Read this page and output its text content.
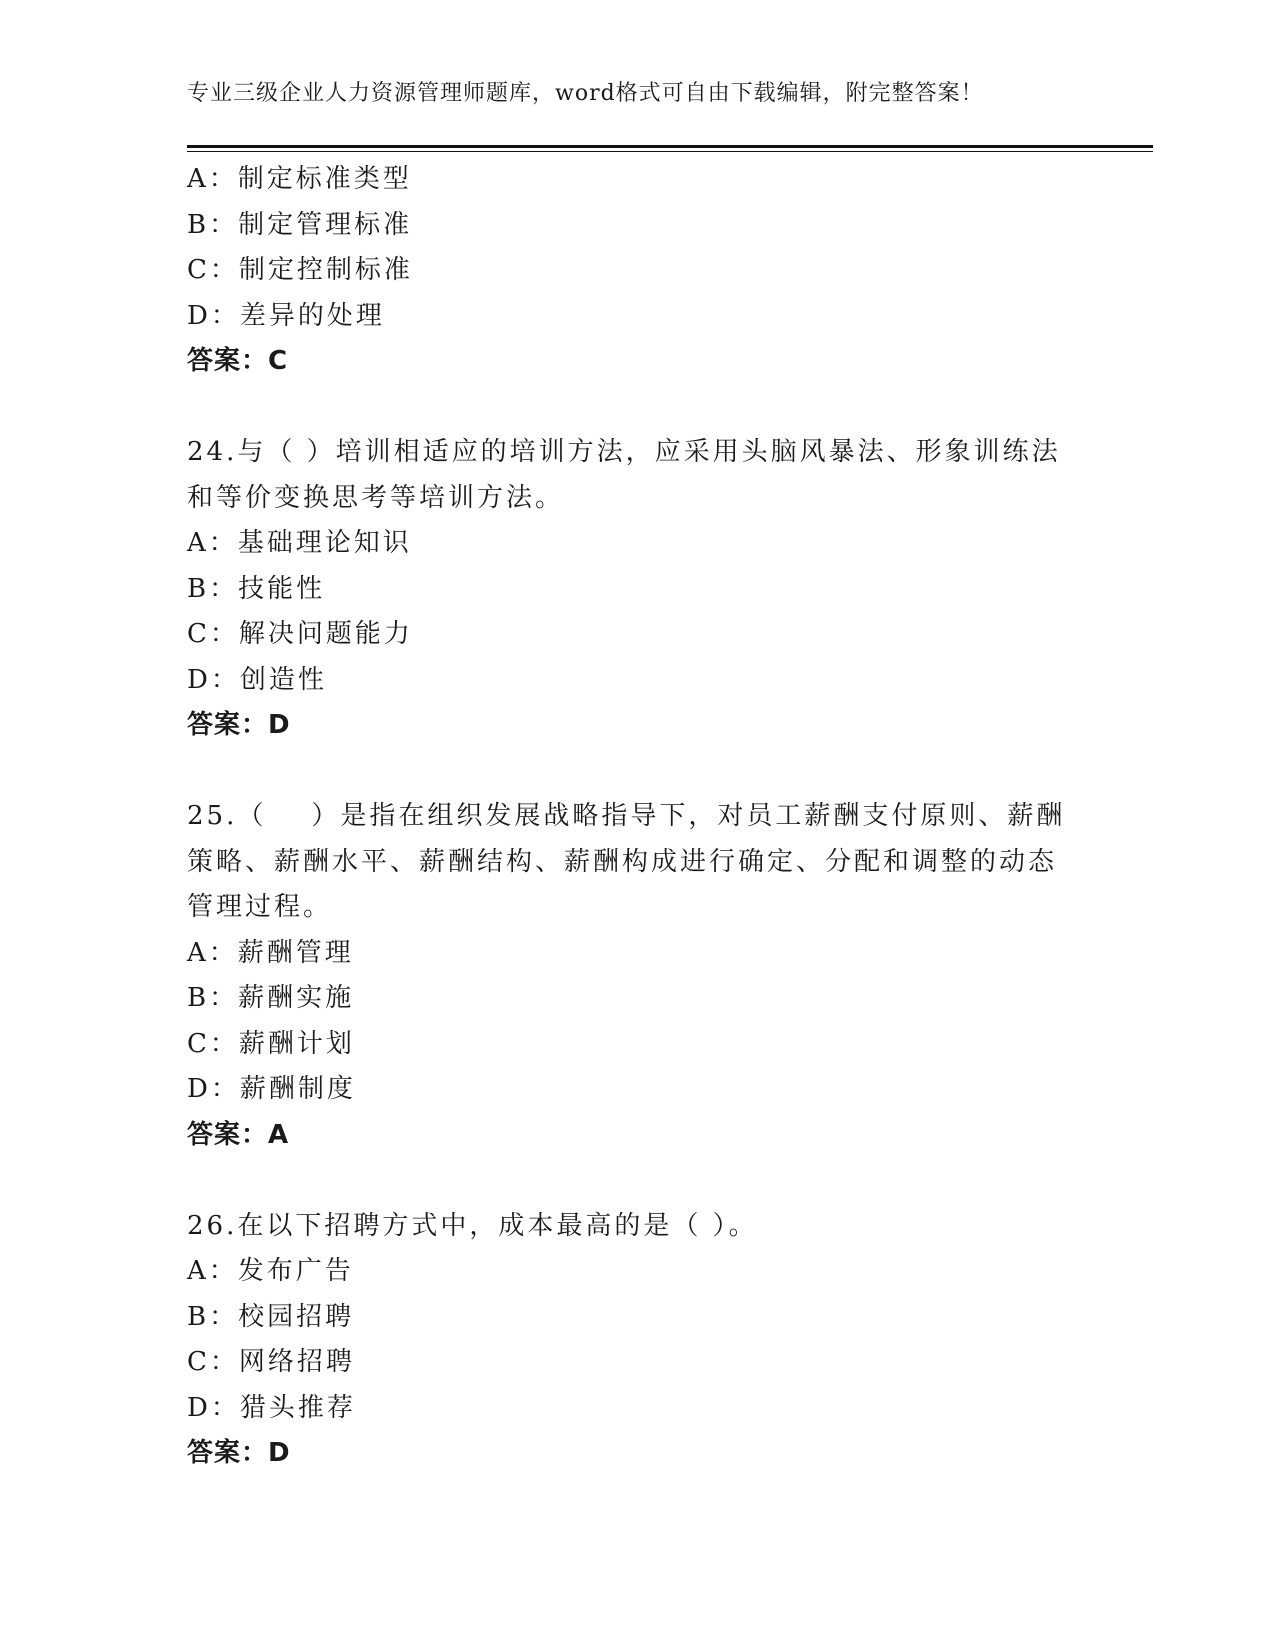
专业三级企业人力资源管理师题库，word格式可自由下载编辑，附完整答案！
A：制定标准类型
B：制定管理标准
C：制定控制标准
D：差异的处理
答案：C
24.与（ ）培训相适应的培训方法，应采用头脑风暴法、形象训练法
和等价变换思考等培训方法。
A：基础理论知识
B：技能性
C：解决问题能力
D：创造性
答案：D
25.（    ）是指在组织发展战略指导下，对员工薪酬支付原则、薪酬
策略、薪酬水平、薪酬结构、薪酬构成进行确定、分配和调整的动态
管理过程。
A：薪酬管理
B：薪酬实施
C：薪酬计划
D：薪酬制度
答案：A
26.在以下招聘方式中，成本最高的是（ ）。
A：发布广告
B：校园招聘
C：网络招聘
D：猎头推荐
答案：D
